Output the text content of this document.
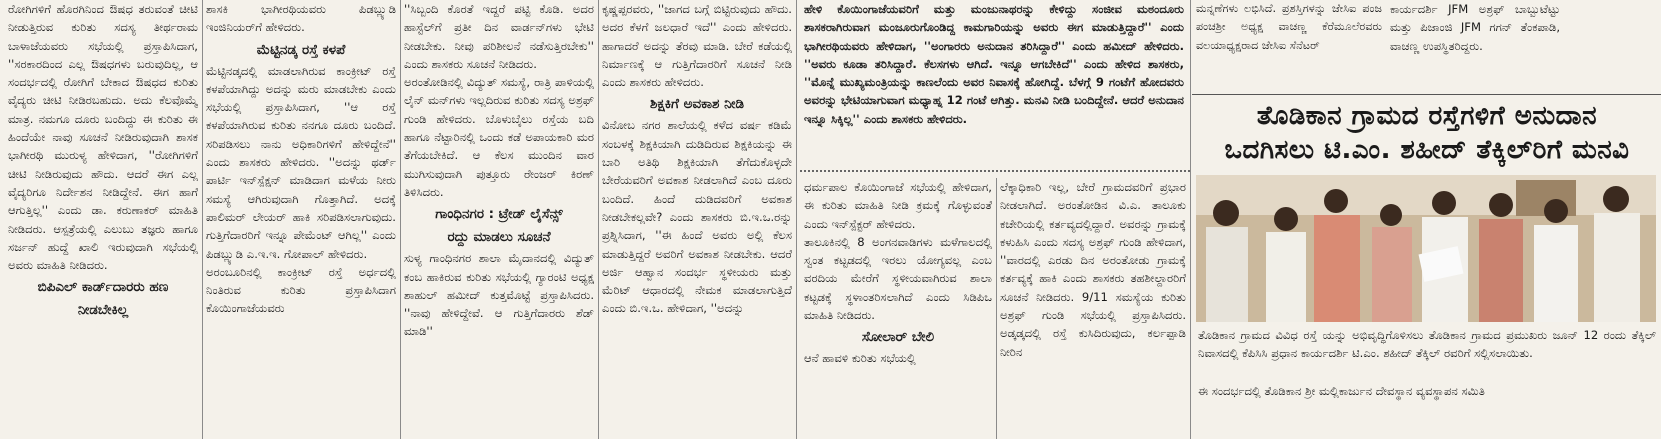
ರೋಗಿಗಳಿಗೆ ಹೊರಗಿನಿಂದ ಔಷಧ ತರುವಂತೆ ಚೀಟಿ ನೀಡುತ್ತಿರುವ ಕುರಿತು ಸದಸ್ಯ ತೀರ್ಥರಾಮ ಬಾಳಾಜೆಯವರು ಸಭೆಯಲ್ಲಿ ಪ್ರಸ್ತಾಪಿಸಿದಾಗ, ''ಸರಕಾರದಿಂದ ಎಲ್ಲ ಔಷಧಗಳು ಬರುವುದಿಲ್ಲ, ಆ ಸಂದರ್ಭದಲ್ಲಿ ರೋಗಿಗೆ ಬೇಕಾದ ಔಷಧದ ಕುರಿತು ವೈದ್ಯರು ಚೀಟಿ ನೀಡಿರಬಹುದು. ಅದು ಕೆಲವೊಮ್ಮೆ ಮಾತ್ರ. ನಮಗೂ ದೂರು ಬಂದಿದ್ದು ಈ ಕುರಿತು ಈ ಹಿಂದೆಯೇ ನಾವು ಸೂಚನೆ ನೀಡಿರುವುದಾಗಿ ಶಾಸಕ ಭಾಗೀರಥಿ ಮುರುಳ್ಯ ಹೇಳಿದಾಗ, ''ರೋಗಿಗಳಿಗೆ ಚೀಟಿ ನೀಡಿರುವುದು ಹೌದು. ಆದರೆ ಈಗ ಎಲ್ಲ ವೈದ್ಯರಿಗೂ ನಿರ್ದೇಶನ ನೀಡಿದ್ದೇನೆ. ಈಗ ಹಾಗೆ ಆಗುತ್ತಿಲ್ಲ'' ಎಂದು ಡಾ. ಕರುಣಾಕರ್ ಮಾಹಿತಿ ನೀಡಿದರು. ಆಸ್ಪತ್ರೆಯಲ್ಲಿ ಎಲುಬು ತಜ್ಞರು ಹಾಗೂ ಸರ್ಜನ್ ಹುದ್ದೆ ಖಾಲಿ ಇರುವುದಾಗಿ ಸಭೆಯಲ್ಲಿ ಅವರು ಮಾಹಿತಿ ನೀಡಿದರು.

ಬಿಪಿಎಲ್ ಕಾರ್ಡ್‌ದಾರರು ಹಣ
ನೀಡಬೇಕಿಲ್ಲ

ಶಾಸಕಿ ಭಾಗೀರಥಿಯವರು ಪಿಡಬ್ಲ್ಯುಡಿ ಇಂಜಿನಿಯರ್‌ಗೆ ಹೇಳಿದರು.

ಮೆಟ್ಟಿನಡ್ಕ ರಸ್ತೆ ಕಳಪೆ

ಮೆಟ್ಟಿನಡ್ಕದಲ್ಲಿ ಮಾಡಲಾಗಿರುವ ಕಾಂಕ್ರೀಟ್ ರಸ್ತೆ ಕಳಪೆಯಾಗಿದ್ದು ಅದನ್ನು ಮರು ಮಾಡಬೇಕು ಎಂದು ಸಭೆಯಲ್ಲಿ ಪ್ರಸ್ತಾಪಿಸಿದಾಗ, ''ಆ ರಸ್ತೆ ಕಳಪೆಯಾಗಿರುವ ಕುರಿತು ನನಗೂ ದೂರು ಬಂದಿದೆ. ಸರಿಪಡಿಸಲು ನಾನು ಅಧಿಕಾರಿಗಳಿಗೆ ಹೇಳಿದ್ದೇನೆ'' ಎಂದು ಶಾಸಕರು ಹೇಳಿದರು. ''ಅದನ್ನು ಥರ್ಡ್ ಪಾರ್ಟಿ ಇನ್‌ಸ್ಪೆಕ್ಷನ್ ಮಾಡಿದಾಗ ಮಳೆಯ ನೀರು ಸಮಸ್ಯೆ ಆಗಿರುವುದಾಗಿ ಗೊತ್ತಾಗಿದೆ. ಅದಕ್ಕೆ ಪಾಲಿಮರ್ ಲೇಯರ್ ಹಾಕಿ ಸರಿಪಡಿಸಲಾಗುವುದು. ಗುತ್ತಿಗೆದಾರರಿಗೆ ಇನ್ನೂ ಪೇಮೆಂಟ್ ಆಗಿಲ್ಲ'' ಎಂದು ಪಿಡಬ್ಲ್ಯುಡಿ ಎ.ಇ.ಇ. ಗೋಪಾಲ್ ಹೇಳಿದರು.

ಅರಂಬೂರಿನಲ್ಲಿ ಕಾಂಕ್ರೀಟ್ ರಸ್ತೆ ಅರ್ಧದಲ್ಲಿ ನಿಂತಿರುವ ಕುರಿತು ಪ್ರಸ್ತಾಪಿಸಿದಾಗ ಕೊಯಿಂಗಾಜೆಯವರು

''ಸಿಬ್ಬಂದಿ ಕೊರತೆ ಇದ್ದರೆ ಪಟ್ಟಿ ಕೊಡಿ. ಅದರ ಹಾಸ್ಟೆಲ್‌ಗೆ ಪ್ರತೀ ದಿನ ವಾರ್ಡನ್‌ಗಳು ಭೇಟಿ ನೀಡಬೇಕು. ನೀವು ಪರಿಶೀಲನೆ ನಡೆಸುತ್ತಿರಬೇಕು'' ಎಂದು ಶಾಸಕರು ಸೂಚನೆ ನೀಡಿದರು.

ಅರಂತೋಡಿನಲ್ಲಿ ವಿದ್ಯುತ್ ಸಮಸ್ಯೆ, ರಾತ್ರಿ ಪಾಳಿಯಲ್ಲಿ ಲೈನ್ ಮನ್‌ಗಳು ಇಲ್ಲದಿರುವ ಕುರಿತು ಸದಸ್ಯ ಅಶ್ರಫ್ ಗುಂಡಿ ಹೇಳಿದರು. ಬೊಳುಬೈಲು ರಸ್ತೆಯ ಬದಿ ಹಾಗೂ ನೆಟ್ಟಾರಿನಲ್ಲಿ ಒಂದು ಕಡೆ ಅಪಾಯಕಾರಿ ಮರ ತೆಗೆಯಬೇಕಿದೆ. ಆ ಕೆಲಸ ಮುಂದಿನ ವಾರ ಮುಗಿಸುವುದಾಗಿ ಪುತ್ತೂರು ರೇಂಜರ್ ಕಿರಣ್ ತಿಳಿಸಿದರು.

ಗಾಂಧಿನಗರ : ಟ್ರೇಡ್ ಲೈಸೆನ್ಸ್
ರದ್ದು ಮಾಡಲು ಸೂಚನೆ

ಸುಳ್ಯ ಗಾಂಧಿನಗರ ಶಾಲಾ ಮೈದಾನದಲ್ಲಿ ವಿದ್ಯುತ್ ಕಂಬ ಹಾಕಿರುವ ಕುರಿತು ಸಭೆಯಲ್ಲಿ ಗ್ಯಾರಂಟಿ ಅಧ್ಯಕ್ಷ ಶಾಹುಲ್ ಹಮೀದ್ ಕುತ್ತಮೊಟ್ಟೆ ಪ್ರಸ್ತಾಪಿಸಿದರು. ''ನಾವು ಹೇಳಿದ್ದೇವೆ. ಆ ಗುತ್ತಿಗೆದಾರರು ಶೆಡ್ ಮಾಡಿ''

ಕೃಷ್ಣಪ್ಪರವರು, ''ಜಾಗದ ಬಗ್ಗೆ ಬಿಟ್ಟಿರುವುದು ಹೌದು. ಅದರ ಕೆಳಗೆ ಜಲಧಾರೆ ಇದೆ'' ಎಂದು ಹೇಳಿದರು. ಹಾಗಾದರೆ ಅದನ್ನು ತೆರವು ಮಾಡಿ. ಬೇರೆ ಕಡೆಯಲ್ಲಿ ನಿರ್ಮಾಣಕ್ಕೆ ಆ ಗುತ್ತಿಗೆದಾರರಿಗೆ ಸೂಚನೆ ನೀಡಿ ಎಂದು ಶಾಸಕರು ಹೇಳಿದರು.

ಶಿಕ್ಷಕಿಗೆ ಅವಕಾಶ ನೀಡಿ

ವಿನೋಬ ನಗರ ಶಾಲೆಯಲ್ಲಿ ಕಳೆದ ವರ್ಷ ಕಡಿಮೆ ಸಂಬಳಕ್ಕೆ ಶಿಕ್ಷಕಿಯಾಗಿ ದುಡಿದಿರುವ ಶಿಕ್ಷಕಿಯನ್ನು ಈ ಬಾರಿ ಅತಿಥಿ ಶಿಕ್ಷಕಿಯಾಗಿ ತೆಗೆದುಕೊಳ್ಳದೇ ಬೇರೆಯವರಿಗೆ ಅವಕಾಶ ನೀಡಲಾಗಿದೆ ಎಂಬ ದೂರು ಬಂದಿದೆ. ಹಿಂದೆ ದುಡಿದವರಿಗೆ ಅವಕಾಶ ನೀಡಬೇಕಲ್ಲವೇ? ಎಂದು ಶಾಸಕರು ಬಿ.ಇ.ಒ.ರನ್ನು ಪ್ರಶ್ನಿಸಿದಾಗ, ''ಈ ಹಿಂದೆ ಅವರು ಅಲ್ಲಿ ಕೆಲಸ ಮಾಡುತ್ತಿದ್ದರೆ ಅವರಿಗೆ ಅವಕಾಶ ನೀಡಬೇಕು. ಆದರೆ ಅರ್ಜಿ ಆಹ್ವಾನ ಸಂದರ್ಭ ಸ್ಥಳೀಯರು ಮತ್ತು ಮೆರಿಟ್ ಆಧಾರದಲ್ಲಿ ನೇಮಕ ಮಾಡಲಾಗುತ್ತಿದೆ ಎಂದು ಬಿ.ಇ.ಒ. ಹೇಳಿದಾಗ, ''ಅದನ್ನು

ಹೇಳಿ ಕೊಯಿಂಗಾಜೆಯವರಿಗೆ ಮತ್ತು ಮಂಜುನಾಥರನ್ನು ಕೇಳಿದ್ದು ಸಂಜೀವ ಮಠಂದೂರು ಶಾಸಕರಾಗಿರುವಾಗ ಮಂಜೂರುಗೊಂಡಿದ್ದ ಕಾಮಗಾರಿಯನ್ನು ಅವರು ಈಗ ಮಾಡುತ್ತಿದ್ದಾರೆ'' ಎಂದು ಭಾಗೀರಥಿಯವರು ಹೇಳಿದಾಗ, ''ಅಂಗಾರರು ಅನುದಾನ ತರಿಸಿದ್ದಾರೆ'' ಎಂದು ಹಮೀದ್ ಹೇಳಿದರು. ''ಅವರು ಕೂಡಾ ತರಿಸಿದ್ದಾರೆ. ಕೆಲಸಗಳು ಆಗಿದೆ. ಇನ್ನೂ ಆಗಬೇಕಿದೆ'' ಎಂದು ಹೇಳಿದ ಶಾಸಕರು, ''ಮೊನ್ನೆ ಮುಖ್ಯಮಂತ್ರಿಯನ್ನು ಕಾಣಲೆಂದು ಅವರ ನಿವಾಸಕ್ಕೆ ಹೋಗಿದ್ದೆ. ಬೆಳಗ್ಗೆ 9 ಗಂಟೆಗೆ ಹೋದವರು ಅವರನ್ನು ಭೇಟಿಯಾಗುವಾಗ ಮಧ್ಯಾಹ್ನ 12 ಗಂಟೆ ಆಗಿತ್ತು. ಮನವಿ ನೀಡಿ ಬಂದಿದ್ದೇನೆ. ಆದರೆ ಅನುದಾನ ಇನ್ನೂ ಸಿಕ್ಕಿಲ್ಲ'' ಎಂದು ಶಾಸಕರು ಹೇಳಿದರು.

ಧರ್ಮಪಾಲ ಕೊಯಿಂಗಾಜೆ ಸಭೆಯಲ್ಲಿ ಹೇಳಿದಾಗ, ಈ ಕುರಿತು ಮಾಹಿತಿ ನೀಡಿ ಕ್ರಮಕ್ಕೆ ಗೊಳ್ಳುವಂತೆ ಎಂದು ಇನ್‌ಸ್ಪೆಕ್ಟರ್ ಹೇಳಿದರು.

ತಾಲೂಕಿನಲ್ಲಿ 8 ಅಂಗನವಾಡಿಗಳು ಮಳೆಗಾಲದಲ್ಲಿ ಸ್ವಂತ ಕಟ್ಟಡದಲ್ಲಿ ಇರಲು ಯೋಗ್ಯವಲ್ಲ ಎಂಬ ವರದಿಯ ಮೇರೆಗೆ ಸ್ಥಳೀಯವಾಗಿರುವ ಶಾಲಾ ಕಟ್ಟಡಕ್ಕೆ ಸ್ಥಳಾಂತರಿಸಲಾಗಿದೆ ಎಂದು ಸಿಡಿಪಿಒ ಮಾಹಿತಿ ನೀಡಿದರು.

ಸೋಲಾರ್ ಬೇಲಿ

ಆನೆ ಹಾವಳಿ ಕುರಿತು ಸಭೆಯಲ್ಲಿ

ಲೆಕ್ಕಾಧಿಕಾರಿ ಇಲ್ಲ, ಬೇರೆ ಗ್ರಾಮದವರಿಗೆ ಪ್ರಭಾರ ನೀಡಲಾಗಿದೆ. ಅರಂತೋಡಿನ ವಿ.ಎ. ತಾಲೂಕು ಕಚೇರಿಯಲ್ಲಿ ಕರ್ತವ್ಯದಲ್ಲಿದ್ದಾರೆ. ಅವರನ್ನು ಗ್ರಾಮಕ್ಕೆ ಕಳುಹಿಸಿ ಎಂದು ಸದಸ್ಯ ಅಶ್ರಫ್ ಗುಂಡಿ ಹೇಳಿದಾಗ, ''ವಾರದಲ್ಲಿ ಎರಡು ದಿನ ಅರಂತೋಡು ಗ್ರಾಮಕ್ಕೆ ಕರ್ತವ್ಯಕ್ಕೆ ಹಾಕಿ ಎಂದು ಶಾಸಕರು ತಹಶೀಲ್ದಾರರಿಗೆ ಸೂಚನೆ ನೀಡಿದರು. 9/11 ಸಮಸ್ಯೆಯ ಕುರಿತು ಅಶ್ರಫ್ ಗುಂಡಿ ಸಭೆಯಲ್ಲಿ ಪ್ರಸ್ತಾಪಿಸಿದರು. ಅಡ್ಕಡ್ಕದಲ್ಲಿ ರಸ್ತೆ ಕುಸಿದಿರುವುದು, ಕರ್ಲಪ್ಪಾಡಿ ನೀರಿನ

ಮನ್ನಣೆಗಳು ಲಭಿಸಿದೆ. ಪ್ರಶಸ್ತಿಗಳನ್ನು ಜೇಸಿಐ ಪಂಜ ಪಂಚಶ್ರೀ ಅಧ್ಯಕ್ಷ ವಾಚಣ್ಣ ಕೆರೆಮೂಲೆರವರು ವಲಯಾಧ್ಯಕ್ಷರಾದ ಜೇಸಿಐ ಸೆನೆಟರ್

ಕಾರ್ಯದರ್ಶಿ JFM ಅಶ್ರಫ್ ಬಾಬ್ಬುಟೆಟ್ಟು ಮತ್ತು ಪಿಜಾಂಜಿ JFM ಗಗನ್ ತೆಂಕಪಾಡಿ, ವಾಚಣ್ಣ ಉಪಸ್ಥಿತರಿದ್ದರು.

ತೊಡಿಕಾನ ಗ್ರಾಮದ ರಸ್ತೆಗಳಿಗೆ ಅನುದಾನ
ಒದಗಿಸಲು ಟಿ.ಎಂ. ಶಹೀದ್ ತೆಕ್ಕಿಲ್‌ರಿಗೆ ಮನವಿ
ತೊಡಿಕಾನ ಗ್ರಾಮದ ವಿವಿಧ ರಸ್ತೆ ಯನ್ನು ಅಭಿವೃದ್ಧಿಗೊಳಿಸಲು ತೊಡಿಕಾನ ಗ್ರಾಮದ ಪ್ರಮುಖರು ಜೂನ್ 12 ರಂದು ತೆಕ್ಕಿಲ್ ನಿವಾಸದಲ್ಲಿ ಕೆಪಿಸಿಸಿ ಪ್ರಧಾನ ಕಾರ್ಯದರ್ಶಿ ಟಿ.ಎಂ. ಶಹೀದ್ ತೆಕ್ಕಿಲ್ ರವರಿಗೆ ಸಲ್ಲಿಸಲಾಯಿತು.
ಈ ಸಂದರ್ಭದಲ್ಲಿ ತೊಡಿಕಾನ ಶ್ರೀ ಮಲ್ಲಿಕಾರ್ಜುನ ದೇವಸ್ಥಾನ ವ್ಯವಸ್ಥಾಪನ ಸಮಿತಿ
